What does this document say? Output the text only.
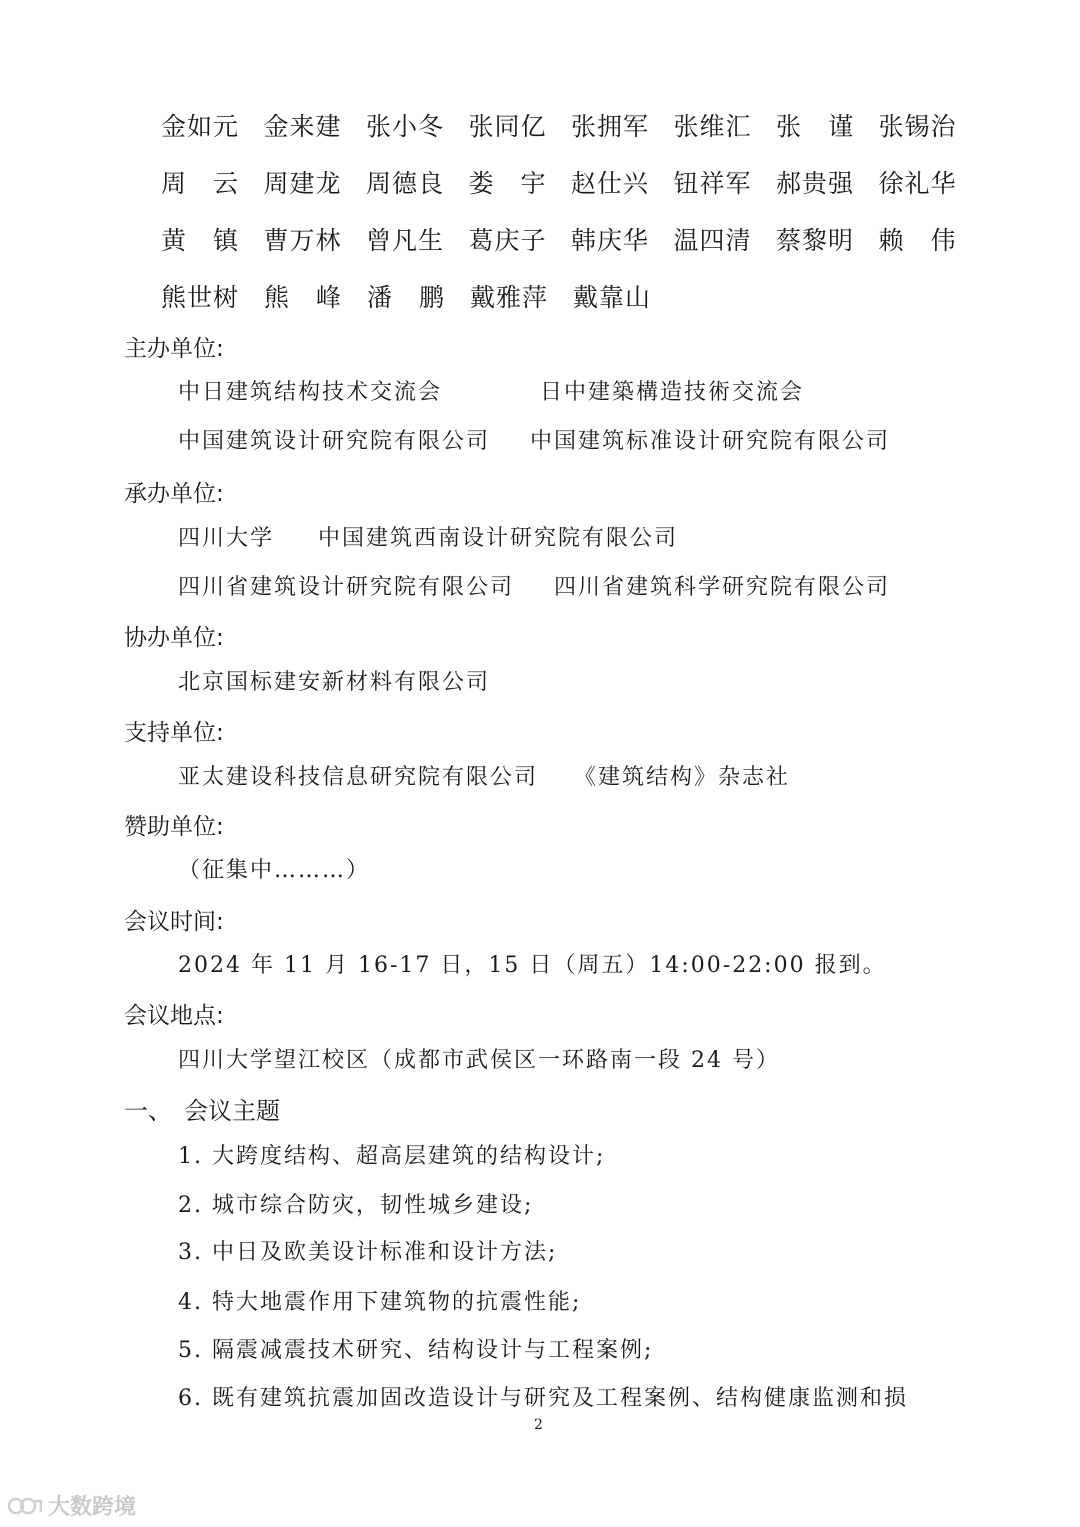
金如元 金来建 张小冬 张同亿 张拥军 张维汇 张　谨 张锡治
周　云 周建龙 周德良 娄　宇 赵仕兴 钮祥军 郝贵强 徐礼华
黄　镇 曹万林 曾凡生 葛庆子 韩庆华 温四清 蔡黎明 赖　伟
熊世树 熊　峰 潘　鹏 戴雅萍 戴靠山
主办单位:
中日建筑结构技术交流会	日中建築構造技術交流会
中国建筑设计研究院有限公司 中国建筑标准设计研究院有限公司
承办单位:
四川大学 中国建筑西南设计研究院有限公司
四川省建筑设计研究院有限公司 四川省建筑科学研究院有限公司
协办单位:
北京国标建安新材料有限公司
支持单位:
亚太建设科技信息研究院有限公司 《建筑结构》杂志社
赞助单位:
（征集中………）
会议时间:
2024 年 11 月 16-17 日，15 日（周五）14:00-22:00 报到。
会议地点:
四川大学望江校区（成都市武侯区一环路南一段 24 号）
一、　会议主题
1. 大跨度结构、超高层建筑的结构设计;
2. 城市综合防灾，韧性城乡建设;
3. 中日及欧美设计标准和设计方法;
4. 特大地震作用下建筑物的抗震性能;
5. 隔震减震技术研究、结构设计与工程案例;
6. 既有建筑抗震加固改造设计与研究及工程案例、结构健康监测和损
2
大数跨境
